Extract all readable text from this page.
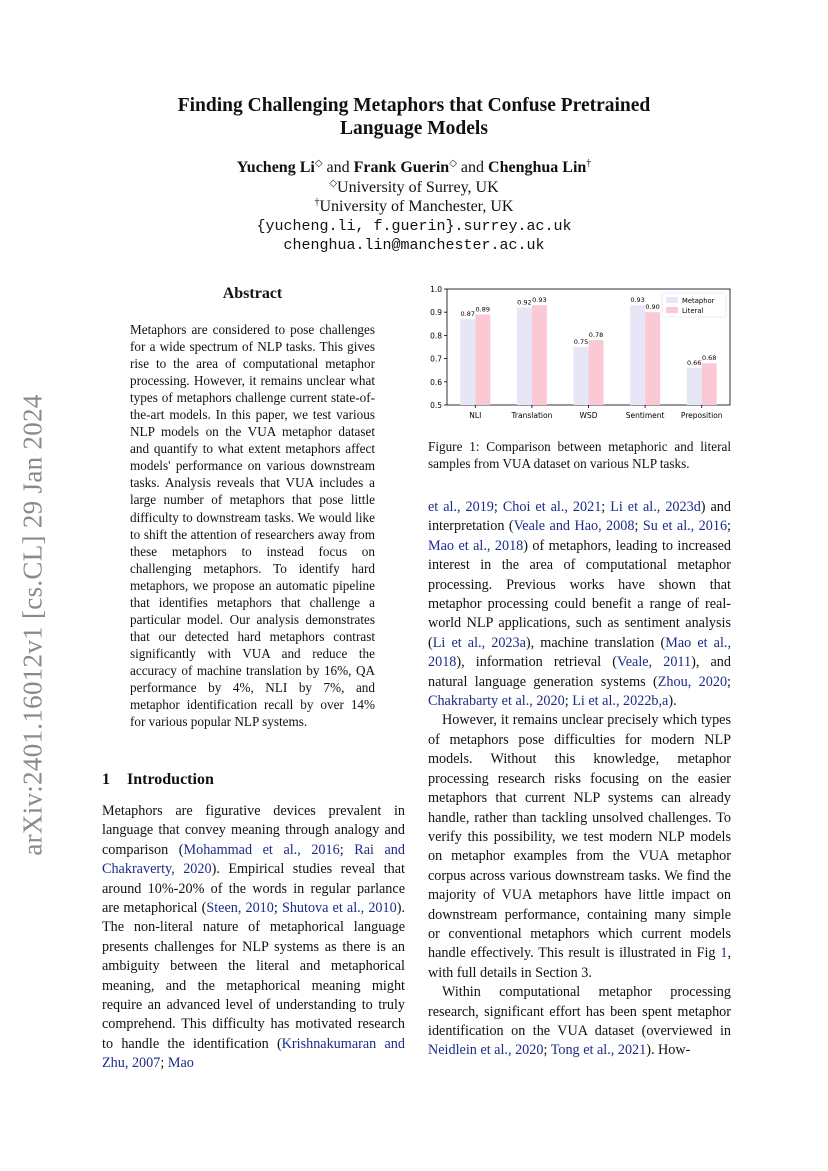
arXiv:2401.16012v1 [cs.CL] 29 Jan 2024
Finding Challenging Metaphors that Confuse Pretrained
Language Models
Yucheng Li◇ and Frank Guerin◇ and Chenghua Lin†
◇University of Surrey, UK
†University of Manchester, UK
{yucheng.li, f.guerin}.surrey.ac.uk
chenghua.lin@manchester.ac.uk
Abstract
Metaphors are considered to pose challenges for a wide spectrum of NLP tasks. This gives rise to the area of computational metaphor processing. However, it remains unclear what types of metaphors challenge current state-of-the-art models. In this paper, we test various NLP models on the VUA metaphor dataset and quantify to what extent metaphors affect models' performance on various downstream tasks. Analysis reveals that VUA includes a large number of metaphors that pose little difficulty to downstream tasks. We would like to shift the attention of researchers away from these metaphors to instead focus on challenging metaphors. To identify hard metaphors, we propose an automatic pipeline that identifies metaphors that challenge a particular model. Our analysis demonstrates that our detected hard metaphors contrast significantly with VUA and reduce the accuracy of machine translation by 16%, QA performance by 4%, NLI by 7%, and metaphor identification recall by over 14% for various popular NLP systems.
1 Introduction
Metaphors are figurative devices prevalent in language that convey meaning through analogy and comparison (Mohammad et al., 2016; Rai and Chakraverty, 2020). Empirical studies reveal that around 10%-20% of the words in regular parlance are metaphorical (Steen, 2010; Shutova et al., 2010). The non-literal nature of metaphorical language presents challenges for NLP systems as there is an ambiguity between the literal and metaphorical meaning, and the metaphorical meaning might require an advanced level of understanding to truly comprehend. This difficulty has motivated research to handle the identification (Krishnakumaran and Zhu, 2007; Mao
0.5
0.6
0.7
0.8
0.9
1.0
NLI
0.87
0.89
Translation
0.92 0.93
WSD
0.75
0.78
Sentiment
0.93
0.90
Preposition
0.66
0.68
Metaphor
Literal
Figure 1: Comparison between metaphoric and literal samples from VUA dataset on various NLP tasks.

et al., 2019; Choi et al., 2021; Li et al., 2023d) and interpretation (Veale and Hao, 2008; Su et al., 2016; Mao et al., 2018) of metaphors, leading to increased interest in the area of computational metaphor processing. Previous works have shown that metaphor processing could benefit a range of real-world NLP applications, such as sentiment analysis (Li et al., 2023a), machine translation (Mao et al., 2018), information retrieval (Veale, 2011), and natural language generation systems (Zhou, 2020; Chakrabarty et al., 2020; Li et al., 2022b,a).

However, it remains unclear precisely which types of metaphors pose difficulties for modern NLP models. Without this knowledge, metaphor processing research risks focusing on the easier metaphors that current NLP systems can already handle, rather than tackling unsolved challenges. To verify this possibility, we test modern NLP models on metaphor examples from the VUA metaphor corpus across various downstream tasks. We find the majority of VUA metaphors have little impact on downstream performance, containing many simple or conventional metaphors which current models handle effectively. This result is illustrated in Fig 1, with full details in Section 3.

Within computational metaphor processing research, significant effort has been spent metaphor identification on the VUA dataset (overviewed in Neidlein et al., 2020; Tong et al., 2021). How-
